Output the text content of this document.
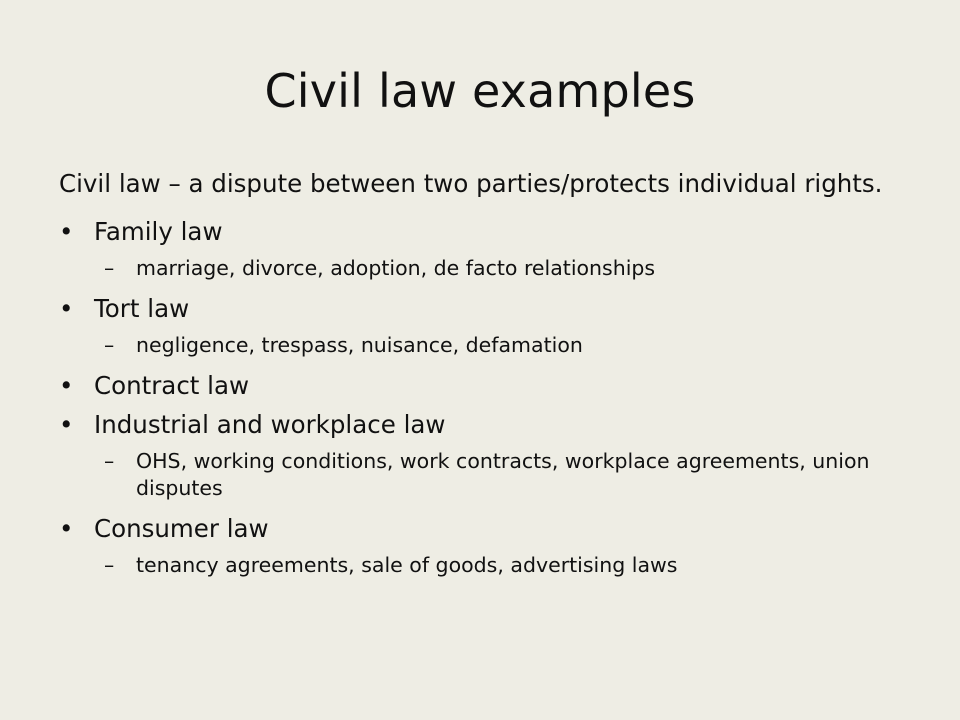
Civil law examples
Civil law – a dispute between two parties/protects individual rights.
• Family law
–	marriage, divorce, adoption, de facto relationships
• Tort law
–	negligence, trespass, nuisance, defamation
• Contract law
• Industrial and workplace law
–	OHS, working conditions, work contracts, workplace agreements, union disputes
• Consumer law
–	tenancy agreements, sale of goods, advertising laws
